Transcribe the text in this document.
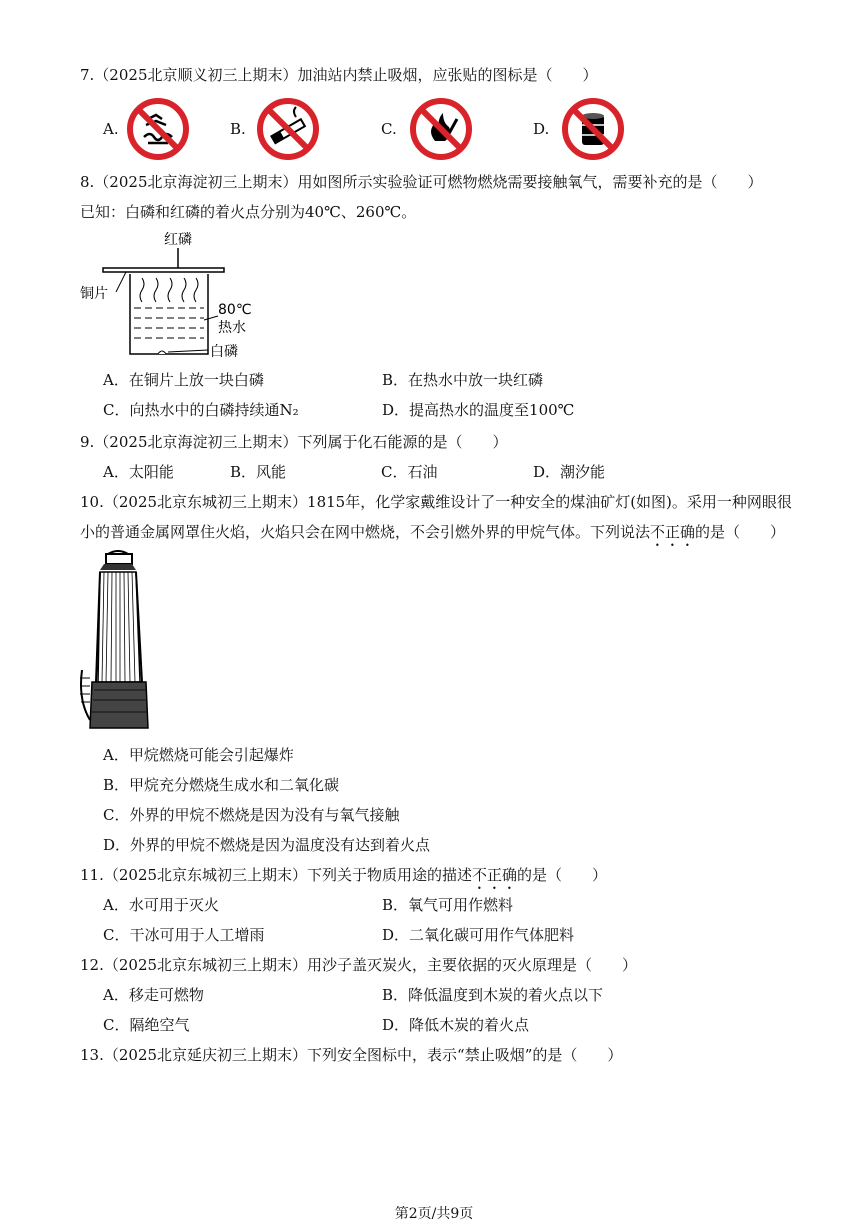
7.（2025北京顺义初三上期末）加油站内禁止吸烟，应张贴的图标是（　　）
A.	B.	C.	D.
8.（2025北京海淀初三上期末）用如图所示实验验证可燃物燃烧需要接触氧气，需要补充的是（　　）
已知：白磷和红磷的着火点分别为40℃、260℃。
红磷
铜片
80℃
热水
白磷
A．在铜片上放一块白磷	B．在热水中放一块红磷
C．向热水中的白磷持续通N₂	D．提高热水的温度至100℃
9.（2025北京海淀初三上期末）下列属于化石能源的是（　　）
A．太阳能	B．风能	C．石油	D．潮汐能
10.（2025北京东城初三上期末）1815年，化学家戴维设计了一种安全的煤油矿灯(如图)。采用一种网眼很
小的普通金属网罩住火焰，火焰只会在网中燃烧，不会引燃外界的甲烷气体。下列说法不正确的是（　　）
A．甲烷燃烧可能会引起爆炸
B．甲烷充分燃烧生成水和二氧化碳
C．外界的甲烷不燃烧是因为没有与氧气接触
D．外界的甲烷不燃烧是因为温度没有达到着火点
11.（2025北京东城初三上期末）下列关于物质用途的描述不正确的是（　　）
A．水可用于灭火	B．氧气可用作燃料
C．干冰可用于人工增雨	D．二氧化碳可用作气体肥料
12.（2025北京东城初三上期末）用沙子盖灭炭火，主要依据的灭火原理是（　　）
A．移走可燃物	B．降低温度到木炭的着火点以下
C．隔绝空气	D．降低木炭的着火点
13.（2025北京延庆初三上期末）下列安全图标中，表示“禁止吸烟”的是（　　）
第2页/共9页
